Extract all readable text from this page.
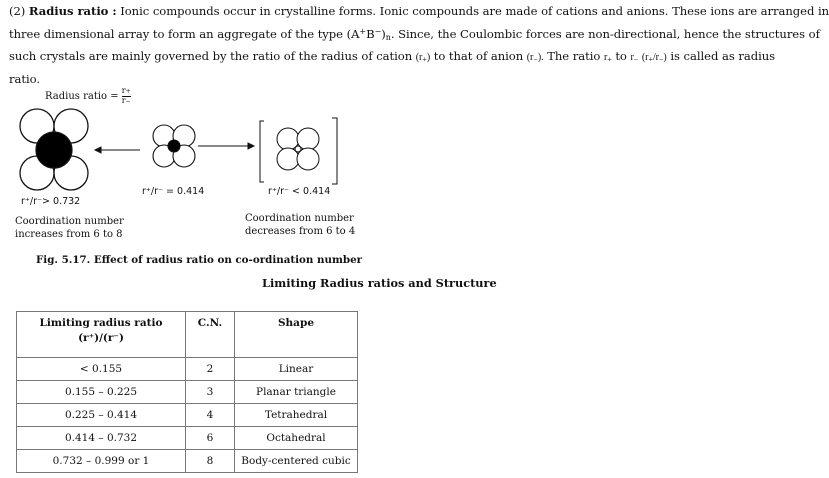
(2) Radius ratio : Ionic compounds occur in crystalline forms. Ionic compounds are made of cations and anions. These ions are arranged in
three dimensional array to form an aggregate of the type $(A^+B^-)_n$. Since, the Coulombic forces are non-directional, hence the structures of
such crystals are mainly governed by the ratio of the radius of cation $(r_+)$ to that of anion $(r_-)$. The ratio $r_+$ to $r_-$ $(r_+/r_-)$ is called as radius
ratio.
Radius ratio = $\frac{r+}{r-}$
r⁺/r⁻> 0.732
r⁺/r⁻ = 0.414	r⁺/r⁻ < 0.414
Coordination number
increases from 6 to 8
Coordination number
decreases from 6 to 4
Fig. 5.17. Effect of radius ratio on co-ordination number
Limiting Radius ratios and Structure
Limiting radius ratio
(r⁺)/(r⁻)	C.N.	Shape
< 0.155	2	Linear
0.155 – 0.225	3	Planar triangle
0.225 – 0.414	4	Tetrahedral
0.414 – 0.732	6	Octahedral
0.732 – 0.999 or 1	8	Body-centered cubic
